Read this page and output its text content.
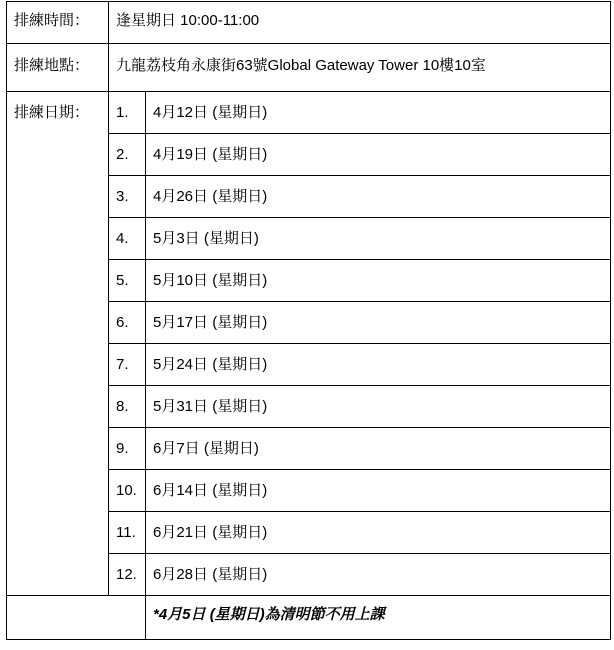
排練時間：	逢星期日 10:00-11:00	
排練地點：	九龍荔枝角永康街63號Global Gateway Tower 10樓10室	
排練日期：	1.	4月12日 (星期日)
	2.	4月19日 (星期日)
	3.	4月26日 (星期日)
	4.	5月3日 (星期日)
	5.	5月10日 (星期日)
	6.	5月17日 (星期日)
	7.	5月24日 (星期日)
	8.	5月31日 (星期日)
	9.	6月7日 (星期日)
	10.	6月14日 (星期日)
	11.	6月21日 (星期日)
	12.	6月28日 (星期日)
		*4月5日 (星期日)為清明節不用上課
